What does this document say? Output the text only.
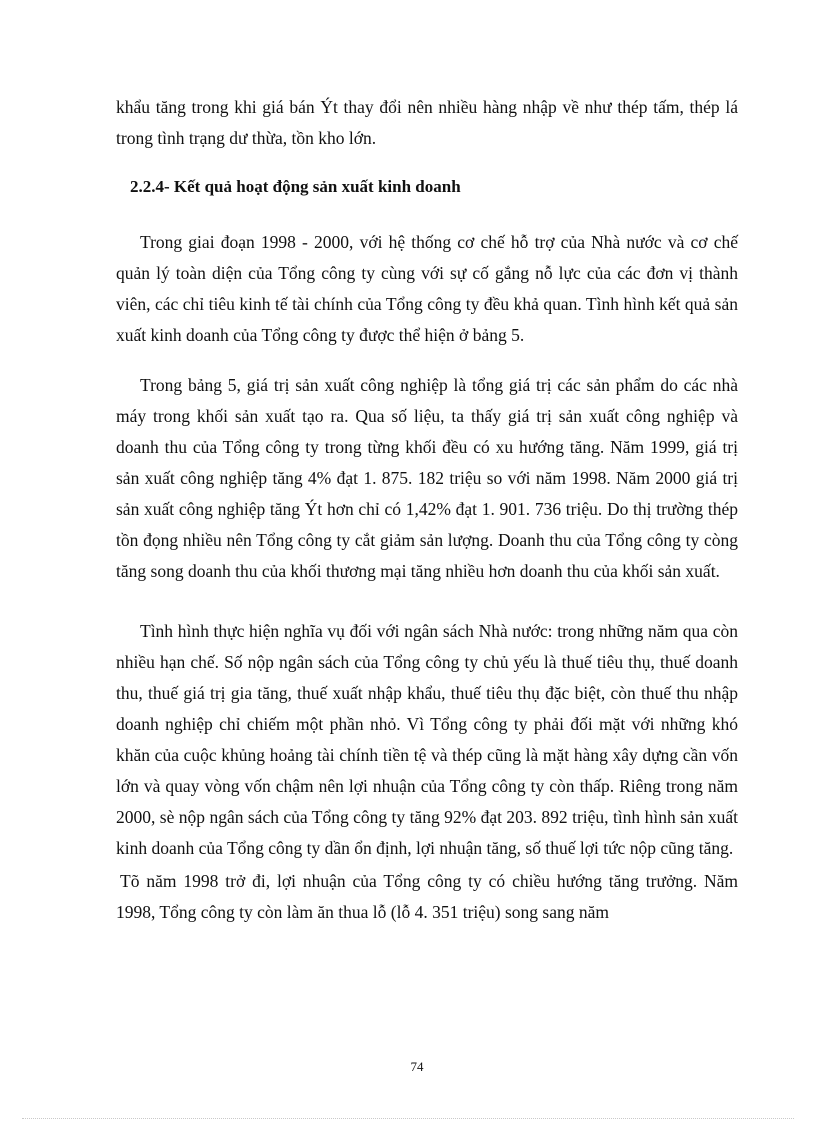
khẩu tăng trong khi giá bán Ýt thay đổi nên nhiều hàng nhập về như thép tấm, thép lá trong tình trạng dư thừa, tồn kho lớn.

2.2.4- Kết quả hoạt động sản xuất kinh doanh

Trong giai đoạn 1998 - 2000, với hệ thống cơ chế hỗ trợ của Nhà nước và cơ chế quản lý toàn diện của Tổng công ty cùng với sự cố gắng nỗ lực của các đơn vị thành viên, các chỉ tiêu kinh tế tài chính của Tổng công ty đều khả quan. Tình hình kết quả sản xuất kinh doanh của Tổng công ty được thể hiện ở bảng 5.

Trong bảng 5, giá trị sản xuất công nghiệp là tổng giá trị các sản phẩm do các nhà máy trong khối sản xuất tạo ra. Qua số liệu, ta thấy giá trị sản xuất công nghiệp và doanh thu của Tổng công ty trong từng khối đều có xu hướng tăng. Năm 1999, giá trị sản xuất công nghiệp tăng 4% đạt 1. 875. 182 triệu so với năm 1998. Năm 2000 giá trị sản xuất công nghiệp tăng Ýt hơn chỉ có 1,42% đạt 1. 901. 736 triệu. Do thị trường thép tồn đọng nhiều nên Tổng công ty cắt giảm sản lượng. Doanh thu của Tổng công ty còng tăng song doanh thu của khối thương mại tăng nhiều hơn doanh thu của khối sản xuất.

Tình hình thực hiện nghĩa vụ đối với ngân sách Nhà nước: trong những năm qua còn nhiều hạn chế. Số nộp ngân sách của Tổng công ty chủ yếu là thuế tiêu thụ, thuế doanh thu, thuế giá trị gia tăng, thuế xuất nhập khẩu, thuế tiêu thụ đặc biệt, còn thuế thu nhập doanh nghiệp chỉ chiếm một phần nhỏ. Vì Tổng công ty phải đối mặt với những khó khăn của cuộc khủng hoảng tài chính tiền tệ và thép cũng là mặt hàng xây dựng cần vốn lớn và quay vòng vốn chậm nên lợi nhuận của Tổng công ty còn thấp. Riêng trong năm 2000, sè nộp ngân sách của Tổng công ty tăng 92% đạt 203. 892 triệu, tình hình sản xuất kinh doanh của Tổng công ty dần ổn định, lợi nhuận tăng, số thuế lợi tức nộp cũng tăng.

Tõ năm 1998 trở đi, lợi nhuận của Tổng công ty có chiều hướng tăng trưởng. Năm 1998, Tổng công ty còn làm ăn thua lỗ (lỗ 4. 351 triệu) song sang năm

74
